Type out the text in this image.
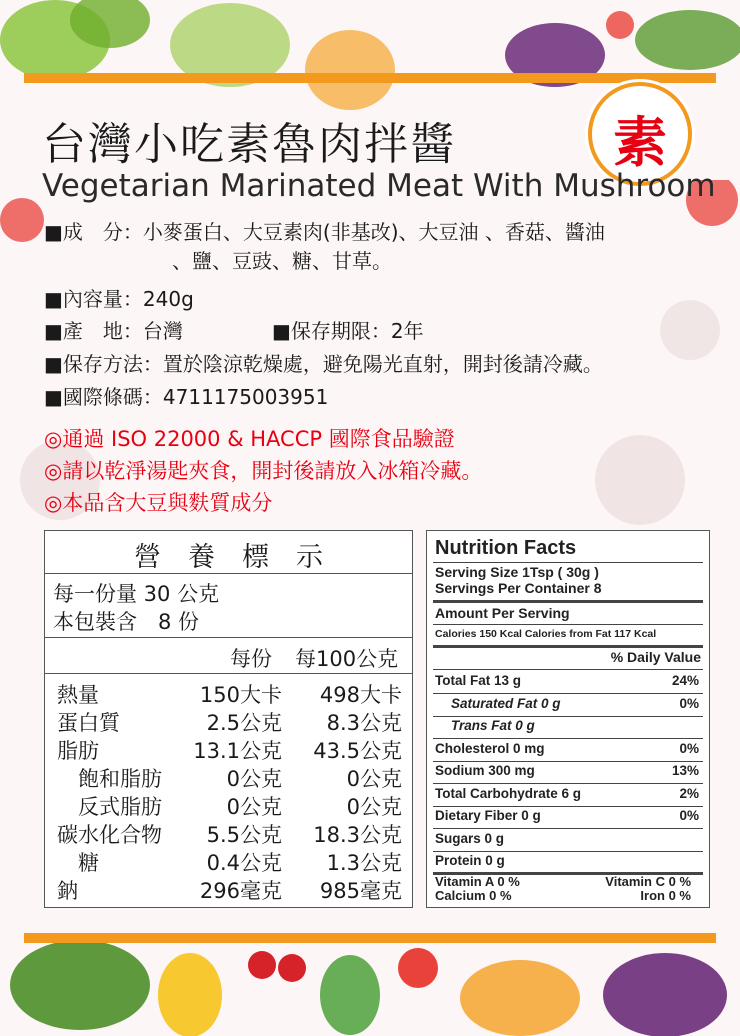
素
台灣小吃素魯肉拌醬
Vegetarian Marinated Meat With Mushroom
■成　分：小麥蛋白、大豆素肉(非基改)、大豆油 、香菇、醬油
、鹽、豆豉、糖、甘草。
■內容量：240g
■產　地：台灣	■保存期限：2年
■保存方法：置於陰涼乾燥處，避免陽光直射，開封後請冷藏。
■國際條碼：4711175003951
◎通過 ISO 22000 & HACCP 國際食品驗證
◎請以乾淨湯匙夾食，開封後請放入冰箱冷藏。
◎本品含大豆與麩質成分
營　養　標　示
每一份量 30 公克
本包裝含　8 份
每份 每100公克
熱量	150大卡 498大卡
蛋白質	2.5公克 8.3公克
脂肪	13.1公克 43.5公克
　飽和脂肪	0公克	0公克
　反式脂肪	0公克	0公克
碳水化合物 5.5公克 18.3公克
　糖	0.4公克 1.3公克
鈉	296毫克 985毫克
Nutrition Facts
Serving Size 1Tsp ( 30g )
Servings Per Container 8
Amount Per Serving
Calories 150 Kcal Calories from Fat 117 Kcal
% Daily Value
Total Fat 13 g	24%
Saturated Fat 0 g	0%
Trans Fat 0 g
Cholesterol 0 mg	0%
Sodium 300 mg	13%
Total Carbohydrate 6 g	2%
Dietary Fiber 0 g	0%
Sugars 0 g
Protein 0 g
Vitamin A 0 %	Vitamin C 0 %
Calcium 0 %	Iron 0 %
